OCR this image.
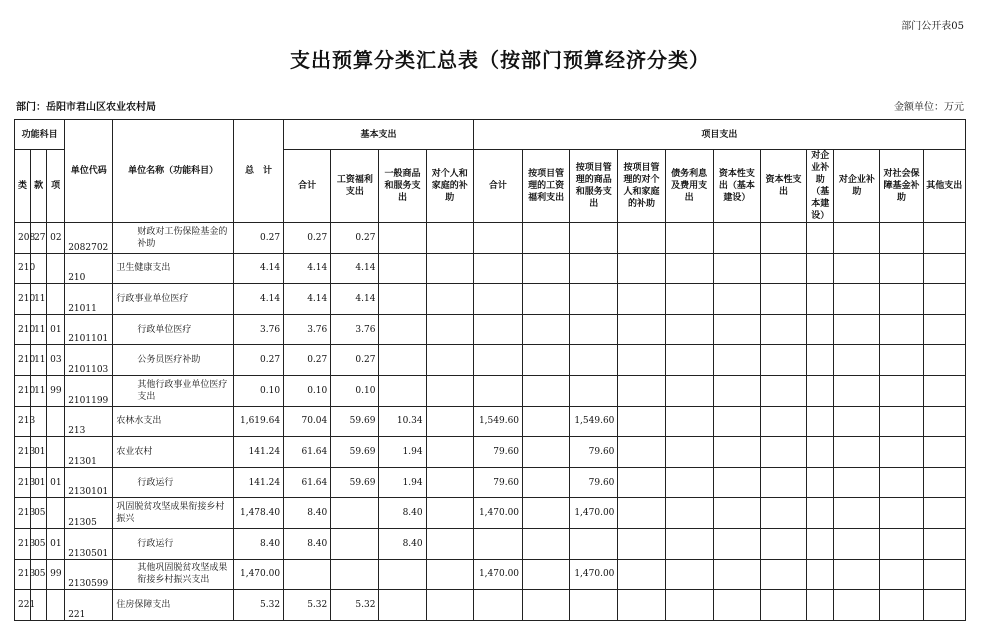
部门公开表05
支出预算分类汇总表（按部门预算经济分类）
部门：岳阳市君山区农业农村局	金额单位：万元
功能科目			单位代码	单位名称（功能科目）	总　计	基本支出				项目支出										
类	款	项				合计	工资福利支出	一般商品和服务支出	对个人和家庭的补助	合计	按项目管理的工资福利支出	按项目管理的商品和服务支出	按项目管理的对个人和家庭的补助	债务利息及费用支出	资本性支出（基本建设）	资本性支出	对企业补助（基本建设）	对企业补助	对社会保障基金补助	其他支出
208	27	02	2082702	财政对工伤保险基金的补助	0.27	0.27	0.27													
210			210	卫生健康支出	4.14	4.14	4.14													
210	11		21011	行政事业单位医疗	4.14	4.14	4.14													
210	11	01	2101101	行政单位医疗	3.76	3.76	3.76													
210	11	03	2101103	公务员医疗补助	0.27	0.27	0.27													
210	11	99	2101199	其他行政事业单位医疗支出	0.10	0.10	0.10													
213			213	农林水支出	1,619.64	70.04	59.69	10.34		1,549.60		1,549.60								
213	01		21301	农业农村	141.24	61.64	59.69	1.94		79.60		79.60								
213	01	01	2130101	行政运行	141.24	61.64	59.69	1.94		79.60		79.60								
213	05		21305	巩固脱贫攻坚成果衔接乡村振兴	1,478.40	8.40		8.40		1,470.00		1,470.00								
213	05	01	2130501	行政运行	8.40	8.40		8.40												
213	05	99	2130599	其他巩固脱贫攻坚成果衔接乡村振兴支出	1,470.00					1,470.00		1,470.00								
221			221	住房保障支出	5.32	5.32	5.32													
